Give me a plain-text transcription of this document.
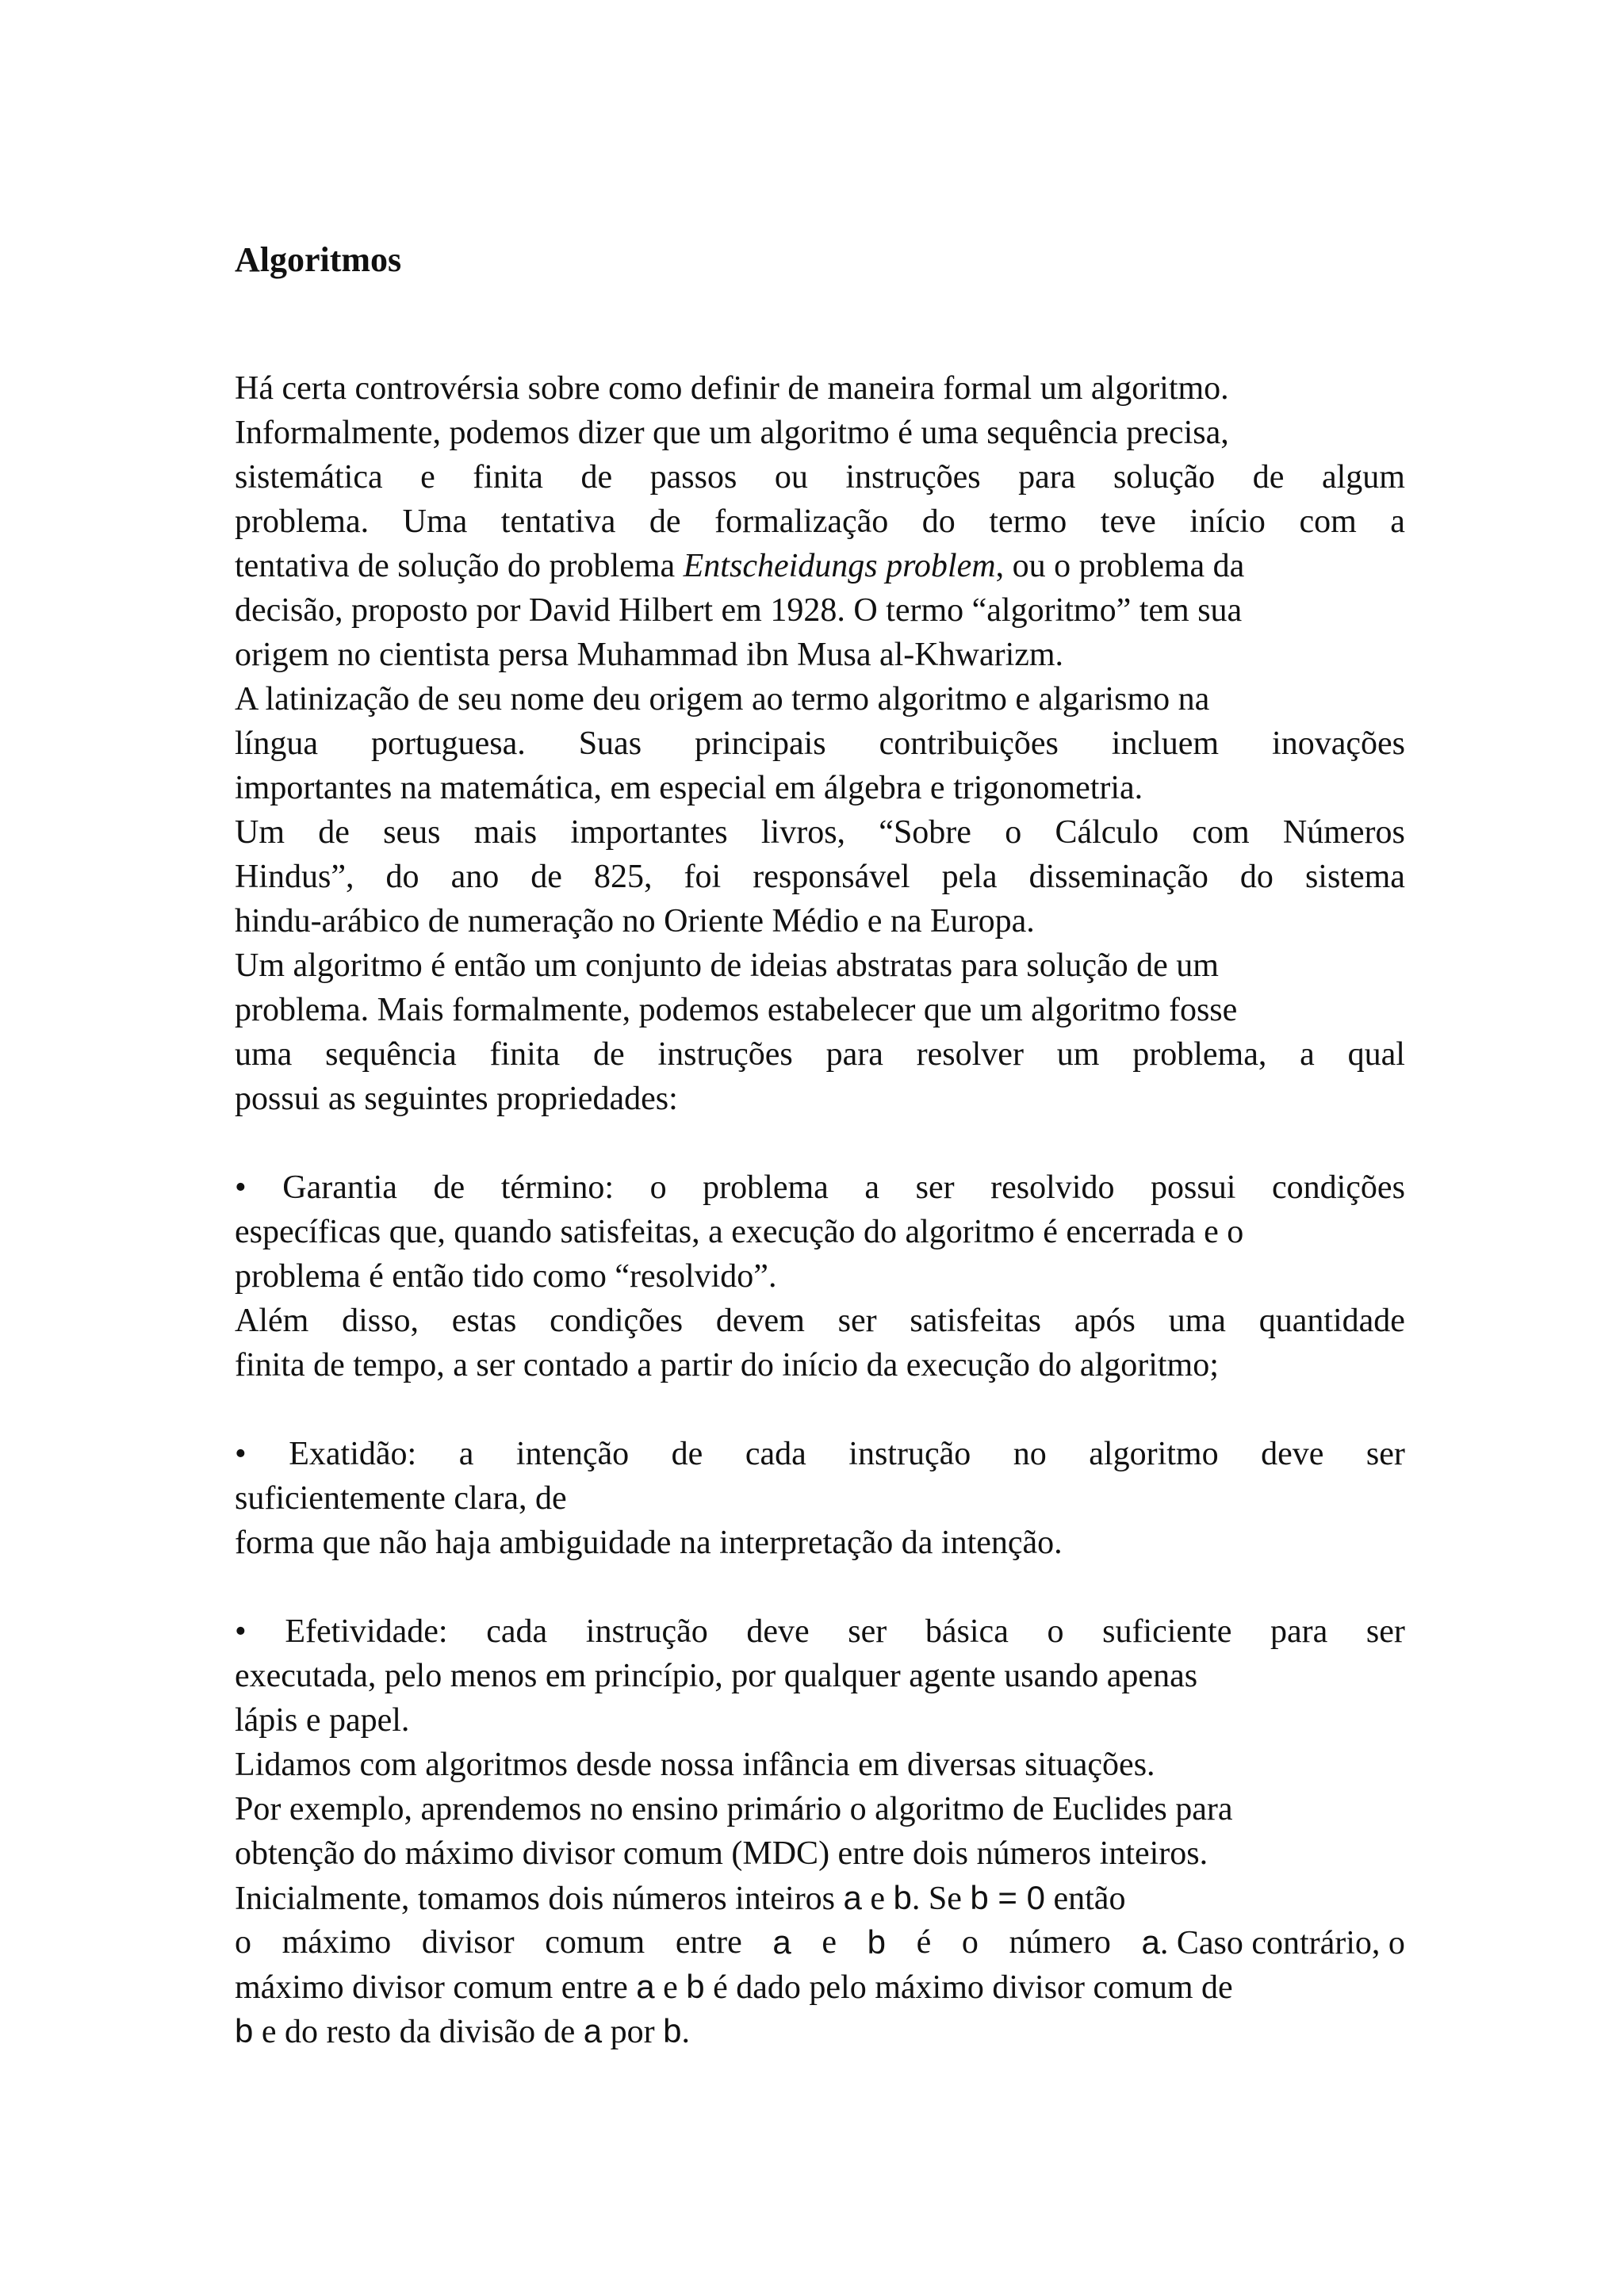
Algoritmos
Há certa controvérsia sobre como definir de maneira formal um algoritmo.
Informalmente, podemos dizer que um algoritmo é uma sequência precisa,
sistemática e finita de passos ou instruções para solução de algum
problema. Uma tentativa de formalização do termo teve início com a
tentativa de solução do problema Entscheidungs problem, ou o problema da
decisão, proposto por David Hilbert em 1928. O termo “algoritmo” tem sua
origem no cientista persa Muhammad ibn Musa al-Khwarizm.
A latinização de seu nome deu origem ao termo algoritmo e algarismo na
língua portuguesa. Suas principais contribuições incluem inovações
importantes na matemática, em especial em álgebra e trigonometria.
Um de seus mais importantes livros, “Sobre o Cálculo com Números
Hindus”, do ano de 825, foi responsável pela disseminação do sistema
hindu-arábico de numeração no Oriente Médio e na Europa.
Um algoritmo é então um conjunto de ideias abstratas para solução de um
problema. Mais formalmente, podemos estabelecer que um algoritmo fosse
uma sequência finita de instruções para resolver um problema, a qual
possui as seguintes propriedades:
• Garantia de término: o problema a ser resolvido possui condições
específicas que, quando satisfeitas, a execução do algoritmo é encerrada e o
problema é então tido como “resolvido”.
Além disso, estas condições devem ser satisfeitas após uma quantidade
finita de tempo, a ser contado a partir do início da execução do algoritmo;
• Exatidão: a intenção de cada instrução no algoritmo deve ser
suficientemente clara, de
forma que não haja ambiguidade na interpretação da intenção.
• Efetividade: cada instrução deve ser básica o suficiente para ser
executada, pelo menos em princípio, por qualquer agente usando apenas
lápis e papel.
Lidamos com algoritmos desde nossa infância em diversas situações.
Por exemplo, aprendemos no ensino primário o algoritmo de Euclides para
obtenção do máximo divisor comum (MDC) entre dois números inteiros.
Inicialmente, tomamos dois números inteiros a e b. Se b = 0 então
o máximo divisor comum entre a e b é o número a. Caso contrário, o
máximo divisor comum entre a e b é dado pelo máximo divisor comum de
b e do resto da divisão de a por b.
